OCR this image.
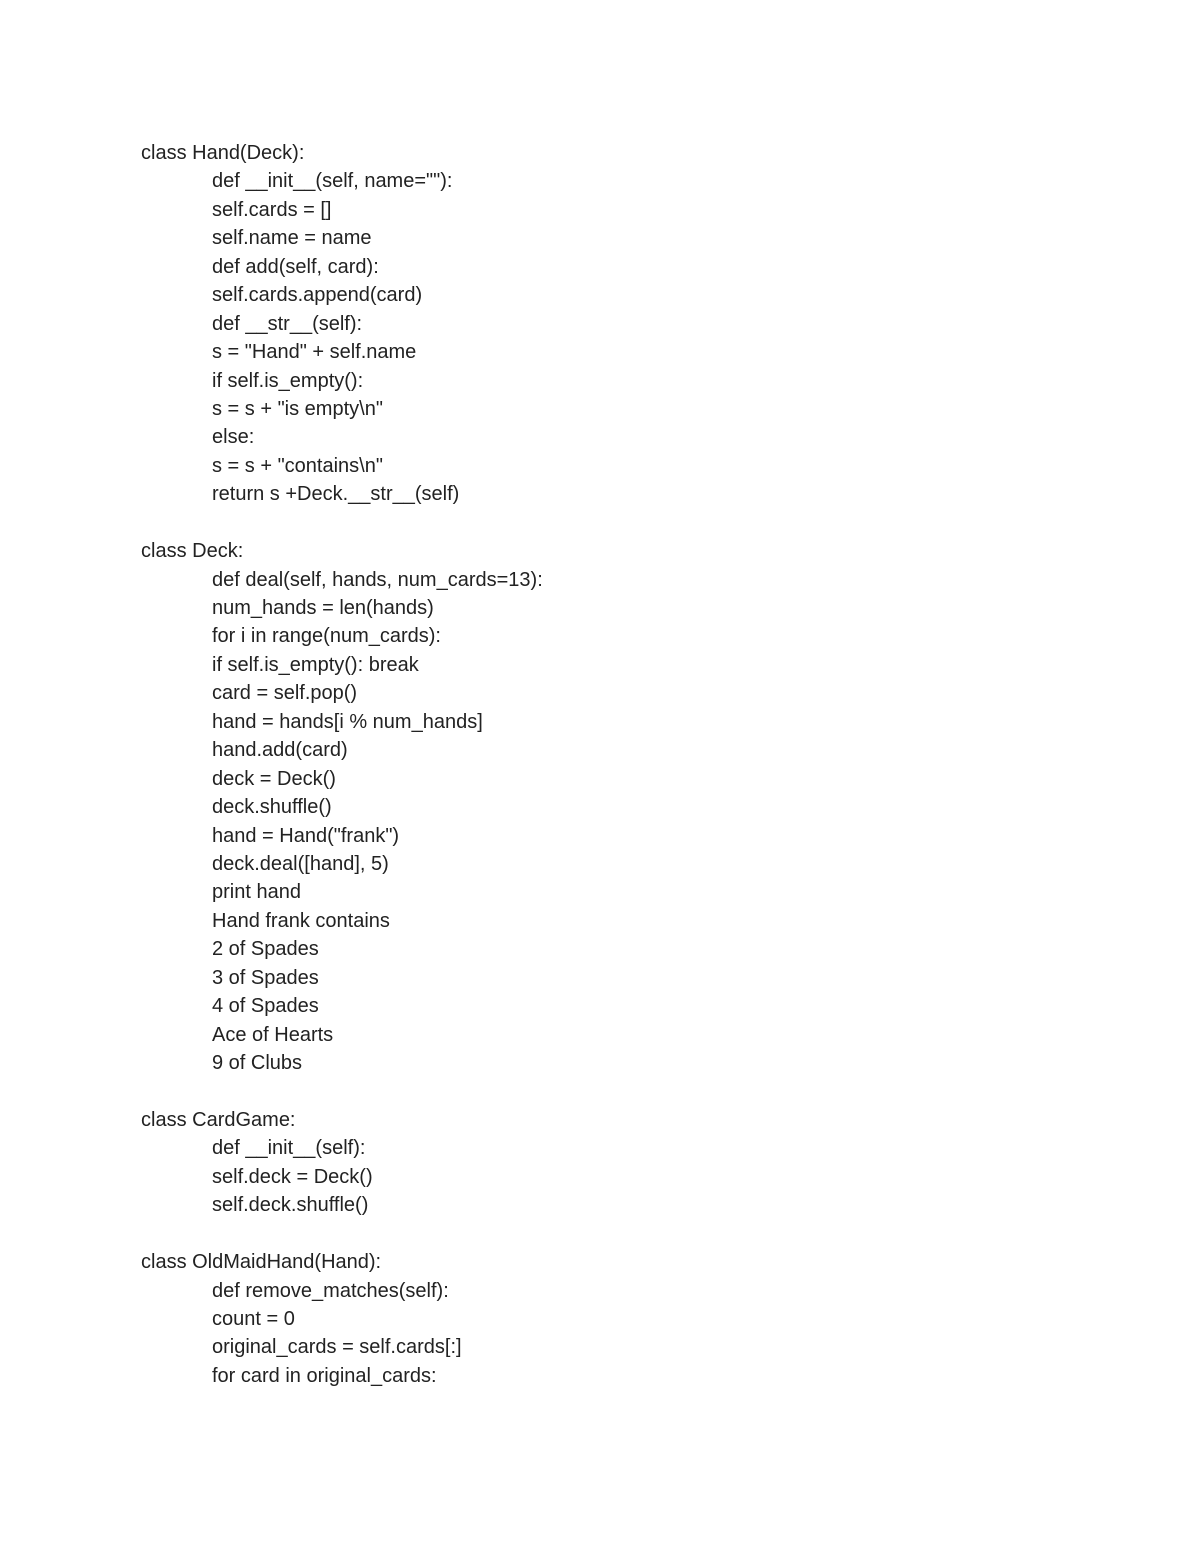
class Hand(Deck):
def __init__(self, name=""):
self.cards = []
self.name = name
def add(self, card):
self.cards.append(card)
def __str__(self):
s = "Hand" + self.name
if self.is_empty():
s = s + "is empty\n"
else:
s = s + "contains\n"
return s +Deck.__str__(self)
class Deck:
def deal(self, hands, num_cards=13):
num_hands = len(hands)
for i in range(num_cards):
if self.is_empty(): break
card = self.pop()
hand = hands[i % num_hands]
hand.add(card)
deck = Deck()
deck.shuffle()
hand = Hand("frank")
deck.deal([hand], 5)
print hand
Hand frank contains
2 of Spades
3 of Spades
4 of Spades
Ace of Hearts
9 of Clubs
class CardGame:
def __init__(self):
self.deck = Deck()
self.deck.shuffle()
class OldMaidHand(Hand):
def remove_matches(self):
count = 0
original_cards = self.cards[:]
for card in original_cards:
